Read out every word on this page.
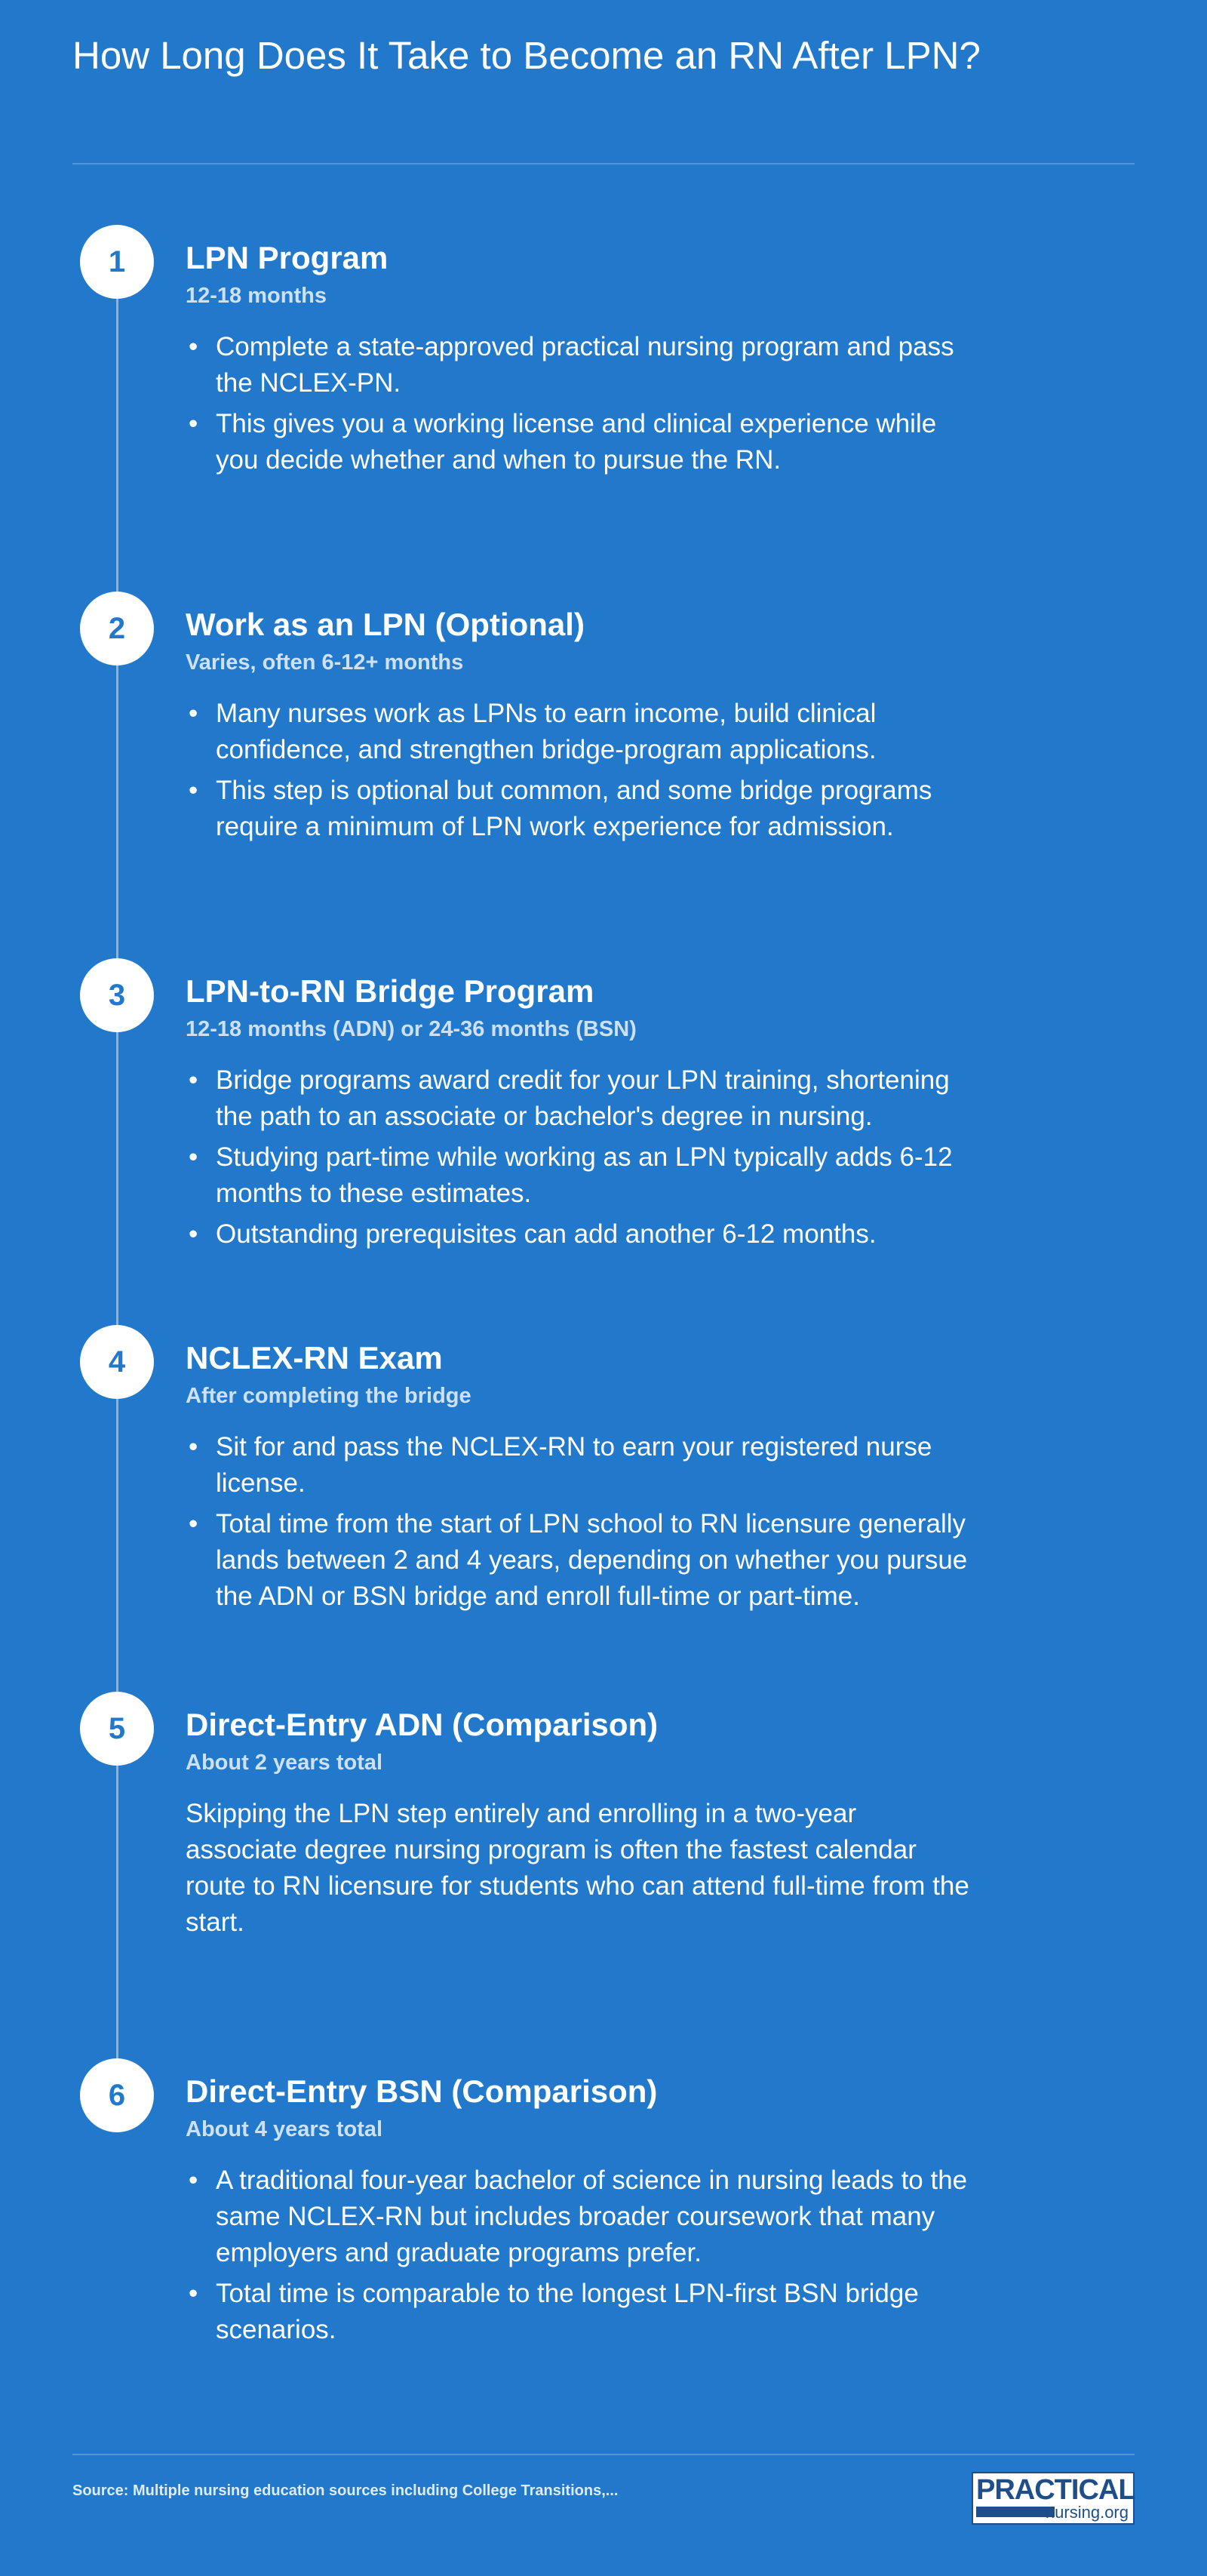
How Long Does It Take to Become an RN After LPN?
1	LPN Program
12-18 months
• Complete a state-approved practical nursing program and pass the NCLEX-PN.
• This gives you a working license and clinical experience while you decide whether and when to pursue the RN.
2	Work as an LPN (Optional)
Varies, often 6-12+ months
• Many nurses work as LPNs to earn income, build clinical confidence, and strengthen bridge-program applications.
• This step is optional but common, and some bridge programs require a minimum of LPN work experience for admission.
3	LPN-to-RN Bridge Program
12-18 months (ADN) or 24-36 months (BSN)
• Bridge programs award credit for your LPN training, shortening the path to an associate or bachelor's degree in nursing.
• Studying part-time while working as an LPN typically adds 6-12 months to these estimates.
• Outstanding prerequisites can add another 6-12 months.
4	NCLEX-RN Exam
After completing the bridge
• Sit for and pass the NCLEX-RN to earn your registered nurse license.
• Total time from the start of LPN school to RN licensure generally lands between 2 and 4 years, depending on whether you pursue the ADN or BSN bridge and enroll full-time or part-time.
5	Direct-Entry ADN (Comparison)
About 2 years total
Skipping the LPN step entirely and enrolling in a two-year associate degree nursing program is often the fastest calendar route to RN licensure for students who can attend full-time from the start.
6	Direct-Entry BSN (Comparison)
About 4 years total
• A traditional four-year bachelor of science in nursing leads to the same NCLEX-RN but includes broader coursework that many employers and graduate programs prefer.
• Total time is comparable to the longest LPN-first BSN bridge scenarios.
Source: Multiple nursing education sources including College Transitions,...	PRACTICAL
nursing.org
